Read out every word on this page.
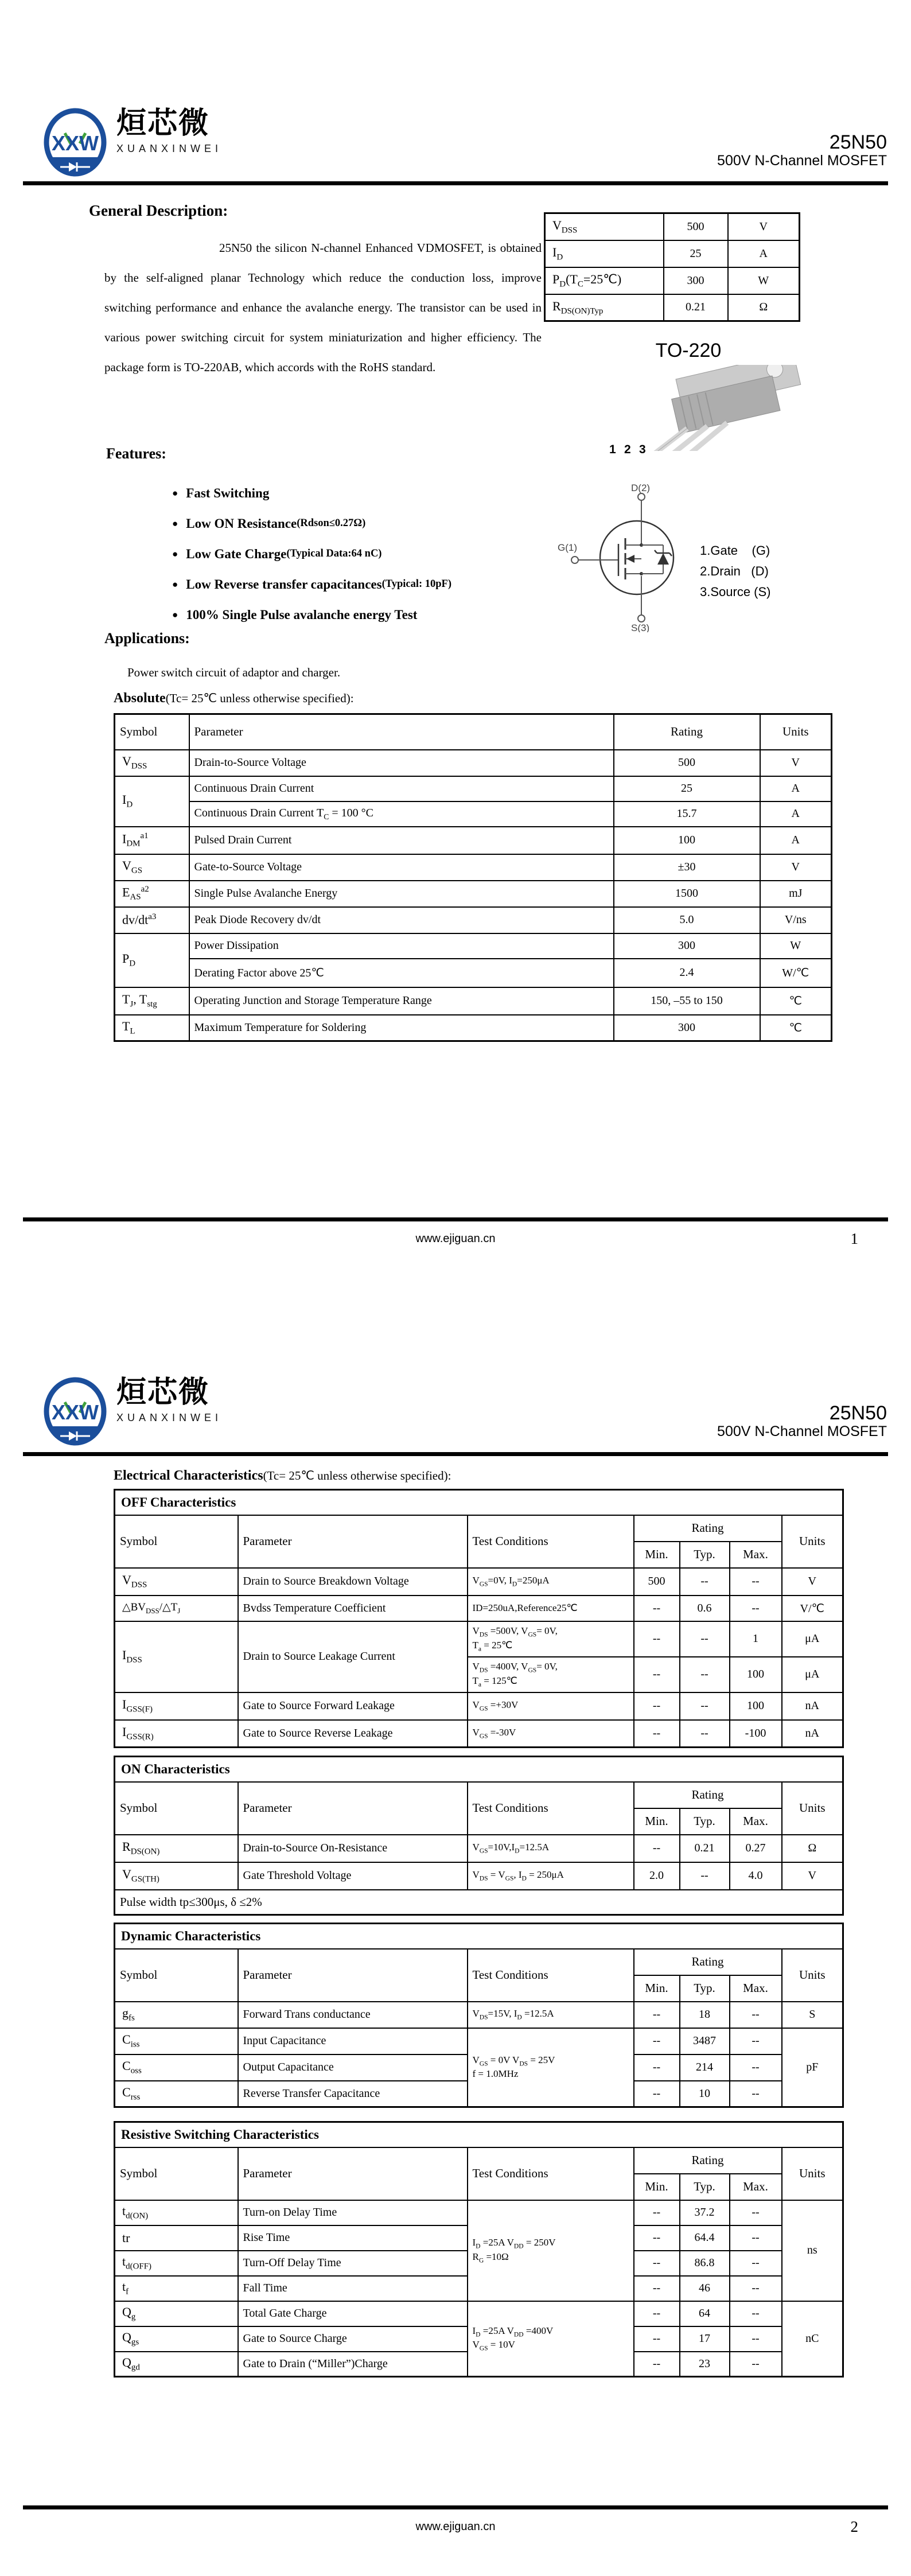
XXW
烜芯微
XUANXINWEI	25N50
500V N-Channel MOSFET
General Description:
25N50 the silicon N-channel Enhanced VDMOSFET, is obtained by the self-aligned planar Technology which reduce the conduction loss, improve switching performance and enhance the avalanche energy. The transistor can be used in various power switching circuit for system miniaturization and higher efficiency. The package form is TO-220AB, which accords with the RoHS standard.
Features:
● Fast Switching
● Low ON Resistance (Rdson≤0.27Ω)
● Low Gate Charge (Typical Data:64 nC)
● Low Reverse transfer capacitances (Typical: 10pF)
● 100% Single Pulse avalanche energy Test
Applications:
Power switch circuit of adaptor and charger.
$V_{DSS}$	500	V
$I_D$	25	A
$P_D(T_C=25℃)$	300	W
$R_{DS(ON)Typ}$	0.21	Ω
TO-220
1 2 3
D(2)
G(1)
S(3)
1.Gate    (G)
2.Drain   (D)
3.Source (S)
Absolute(Tc= 25℃ unless otherwise specified):
Symbol	Parameter	Rating	Units
$V_{DSS}$	Drain-to-Source Voltage	500	V
$I_D$	Continuous Drain Current	25	A
	Continuous Drain Current $T_C = 100$ °C	15.7	A
$I_{DM}^{a1}$	Pulsed Drain Current	100	A
$V_{GS}$	Gate-to-Source Voltage	±30	V
$E_{AS}^{a2}$	Single Pulse Avalanche Energy	1500	mJ
$dv/dt^{a3}$	Peak Diode Recovery dv/dt	5.0	V/ns
$P_D$	Power Dissipation	300	W
	Derating Factor above 25℃	2.4	W/℃
$T_J$, $T_{stg}$	Operating Junction and Storage Temperature Range	150, –55 to 150	℃
$T_L$	Maximum Temperature for Soldering	300	℃
www.ejiguan.cn	1
XXW
烜芯微
XUANXINWEI	25N50
500V N-Channel MOSFET
Electrical Characteristics(Tc= 25℃ unless otherwise specified):
OFF Characteristics						
Symbol	Parameter	Test Conditions	Rating			Units
			Min.	Typ.	Max.	
$V_{DSS}$	Drain to Source Breakdown Voltage	$V_{GS}=0V$, $I_D=250\mu A$	500	--	--	V
$\triangle BV_{DSS}/\triangle T_J$	Bvdss Temperature Coefficient	ID=250uA,Reference25℃	--	0.6	--	V/℃
$I_{DSS}$	Drain to Source Leakage Current	$V_{DS} =500V$, $V_{GS}= 0V$,
$T_a$ = 25℃	--	--	1	μA

		$V_{DS} =400V$, $V_{GS}= 0V$,
$T_a$ = 125℃	--	--	100	μA
$I_{GSS(F)}$	Gate to Source Forward Leakage	$V_{GS} =+30V$	--	--	100	nA
$I_{GSS(R)}$	Gate to Source Reverse Leakage	$V_{GS} =-30V$	--	--	-100	nA
ON Characteristics						
Symbol	Parameter	Test Conditions	Rating			Units
			Min.	Typ.	Max.	
$R_{DS(ON)}$	Drain-to-Source On-Resistance	$V_{GS}=10V,I_D=12.5A$	--	0.21	0.27	Ω
$V_{GS(TH)}$	Gate Threshold Voltage	$V_{DS} = V_{GS}$, $I_D = 250\mu A$	2.0	--	4.0	V
Pulse width tp≤300μs, δ ≤2%						
Dynamic Characteristics						
Symbol	Parameter	Test Conditions	Rating			Units
			Min.	Typ.	Max.	
$g_{fs}$	Forward Trans conductance	$V_{DS}=15V$, $I_D =12.5A$	--	18	--	S
$C_{iss}$	Input Capacitance	$V_{GS} = 0V$ $V_{DS} = 25V$
f = 1.0MHz	--	3487	--	pF
$C_{oss}$	Output Capacitance		--	214	--	
$C_{rss}$	Reverse Transfer Capacitance		--	10	--	
Resistive Switching Characteristics						
Symbol	Parameter	Test Conditions	Rating			Units
			Min.	Typ.	Max.	
$t_{d(ON)}$	Turn-on Delay Time	$I_D =25A$ $V_{DD} = 250V$
$R_G =10\Omega$	--	37.2	--	ns
tr	Rise Time		--	64.4	--	
$t_{d(OFF)}$	Turn-Off Delay Time		--	86.8	--	
$t_f$	Fall Time		--	46	--	
$Q_g$	Total Gate Charge	$I_D =25A$ $V_{DD} =400V$
$V_{GS} = 10V$	--	64	--	nC
$Q_{gs}$	Gate to Source Charge		--	17	--	
$Q_{gd}$	Gate to Drain (“Miller”)Charge		--	23	--	
www.ejiguan.cn	2
